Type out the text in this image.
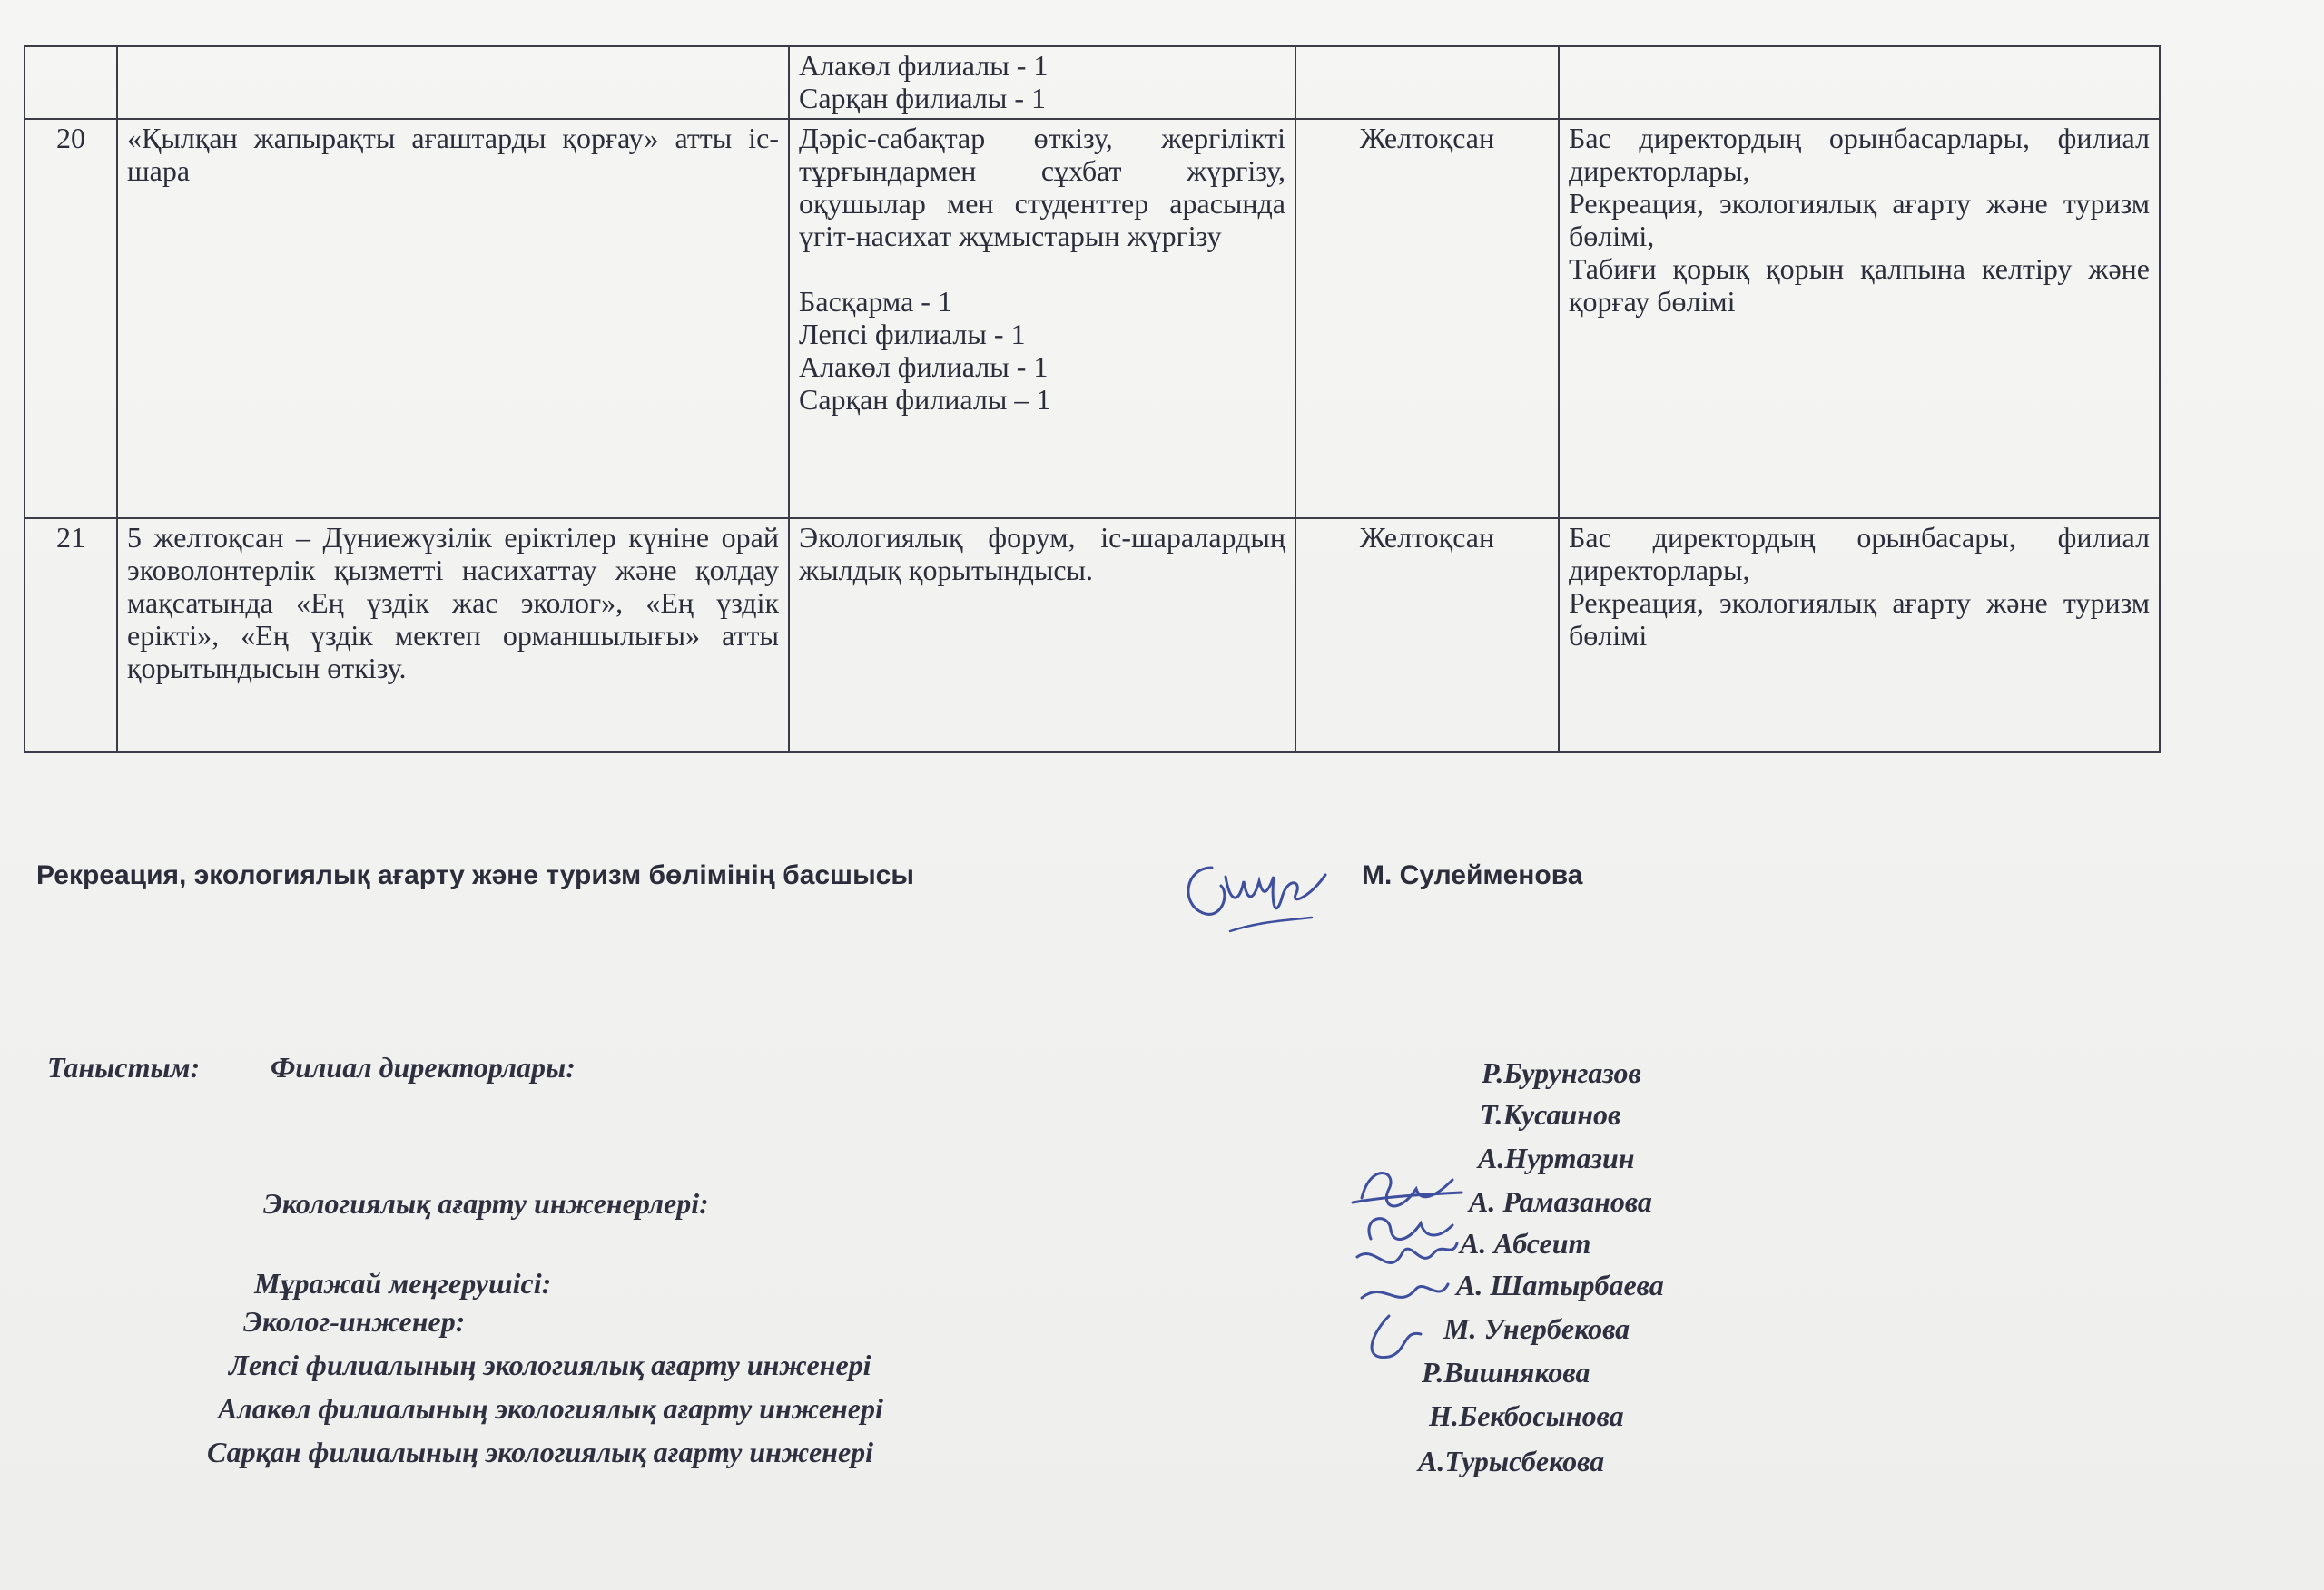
		Алакөл филиалы - 1
Сарқан филиалы - 1		

20	«Қылқан жапырақты ағаштарды қорғау» атты іс-шара	Дәріс-сабақтар өткізу, жергілікті тұрғындармен сұхбат жүргізу, оқушылар мен студенттер арасында үгіт-насихат жұмыстарын жүргізу
Басқарма - 1
Лепсі филиалы - 1
Алакөл филиалы - 1
Сарқан филиалы – 1	Желтоқсан	Бас директордың орынбасарлары, филиал директорлары,
Рекреация, экологиялық ағарту және туризм бөлімі,
Табиғи қорық қорын қалпына келтіру және қорғау бөлімі

21	5 желтоқсан – Дүниежүзілік еріктілер күніне орай эковолонтерлік қызметті насихаттау және қолдау мақсатында «Ең үздік жас эколог», «Ең үздік ерікті», «Ең үздік мектеп орманшылығы» атты қорытындысын өткізу.	Экологиялық форум, іс-шаралардың жылдық қорытындысы.	Желтоқсан	Бас директордың орынбасары, филиал директорлары,
Рекреация, экологиялық ағарту және туризм бөлімі
Рекреация, экологиялық ағарту және туризм бөлімінің басшысы	М. Сулейменова
Таныстым: Филиал директорлары:
Экологиялық ағарту инженерлері:
Мұражай меңгерушісі:
Эколог-инженер:
Лепсі филиалының экологиялық ағарту инженері
Алакөл филиалының экологиялық ағарту инженері
Сарқан филиалының экологиялық ағарту инженері
Р.Бурунгазов
Т.Кусаинов
А.Нуртазин
А. Рамазанова
А. Абсеит
А. Шатырбаева
М. Унербекова
Р.Вишнякова
Н.Бекбосынова
А.Турысбекова
